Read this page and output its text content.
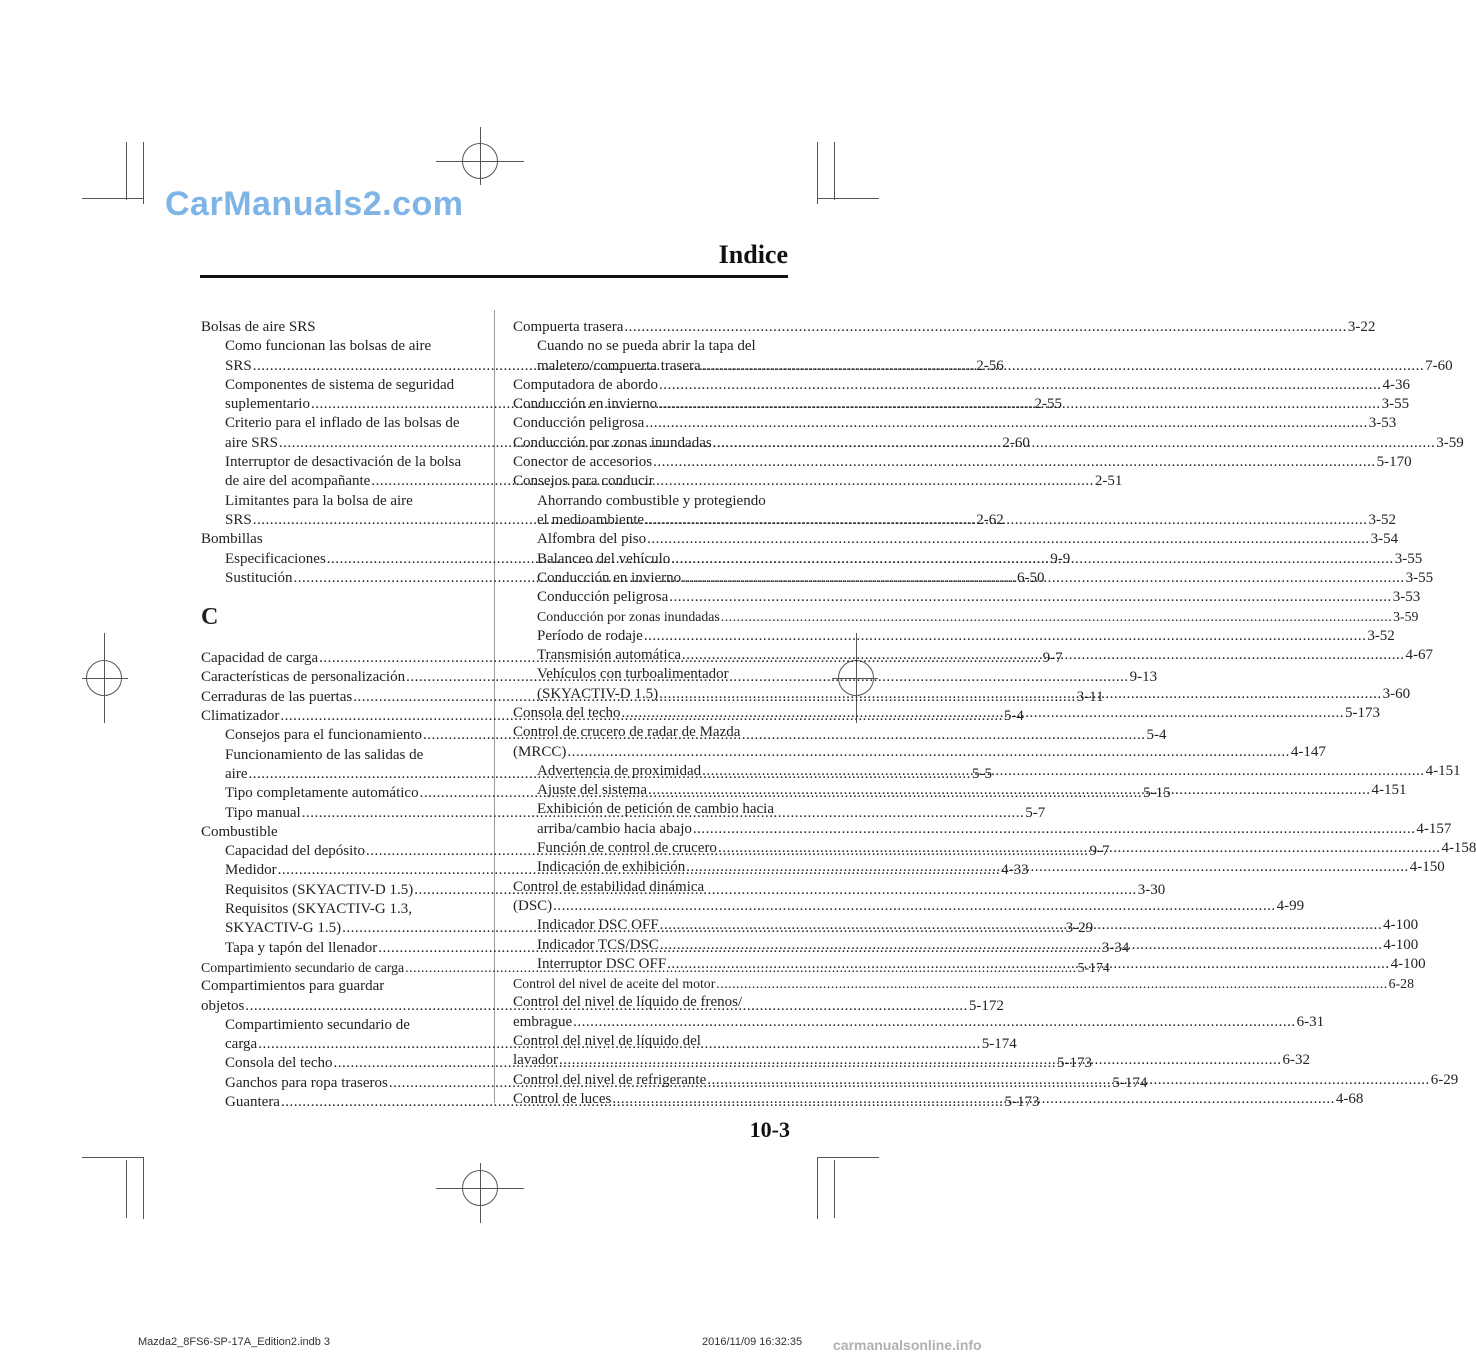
CarManuals2.com
carmanualsonline.info
Indice
Bolsas de aire SRS
Como funcionan las bolsas de aire
SRS .....	2-56
Componentes de sistema de seguridad
suplementario .....	2-55
Criterio para el inflado de las bolsas de
aire SRS .....	2-60
Interruptor de desactivación de la bolsa
de aire del acompañante .....	2-51
Limitantes para la bolsa de aire
SRS .....	2-62
Bombillas
Especificaciones .....	9-9
Sustitución .....	6-50
C
Capacidad de carga .....	9-7
Características de personalización .....	9-13
Cerraduras de las puertas .....	3-11
Climatizador .....	5-4
Consejos para el funcionamiento .....	5-4
Funcionamiento de las salidas de
aire .....	5-5
Tipo completamente automático .....	5-15
Tipo manual .....	5-7
Combustible
Capacidad del depósito .....	9-7
Medidor .....	4-33
Requisitos (SKYACTIV-D 1.5) .....	3-30
Requisitos (SKYACTIV-G 1.3,
SKYACTIV-G 1.5) .....	3-29
Tapa y tapón del llenador .....	3-34
Compartimiento secundario de carga .....	5-174
Compartimientos para guardar
objetos .....	5-172
Compartimiento secundario de
carga .....	5-174
Consola del techo .....	5-173
Ganchos para ropa traseros .....	5-174
Guantera .....	5-173
Compuerta trasera .....	3-22
Cuando no se pueda abrir la tapa del
maletero/compuerta trasera .....	7-60
Computadora de abordo .....	4-36
Conducción en invierno .....	3-55
Conducción peligrosa .....	3-53
Conducción por zonas inundadas .....	3-59
Conector de accesorios .....	5-170
Consejos para conducir
Ahorrando combustible y protegiendo
el medioambiente .....	3-52
Alfombra del piso .....	3-54
Balanceo del vehículo .....	3-55
Conducción en invierno .....	3-55
Conducción peligrosa .....	3-53
Conducción por zonas inundadas .....	3-59
Período de rodaje .....	3-52
Transmisión automática .....	4-67
Vehículos con turboalimentador
(SKYACTIV-D 1.5) .....	3-60
Consola del techo .....	5-173
Control de crucero de radar de Mazda
(MRCC) .....	4-147
Advertencia de proximidad .....	4-151
Ajuste del sistema .....	4-151
Exhibición de petición de cambio hacia
arriba/cambio hacia abajo .....	4-157
Función de control de crucero .....	4-158
Indicación de exhibición .....	4-150
Control de estabilidad dinámica
(DSC) .....	4-99
Indicador DSC OFF .....	4-100
Indicador TCS/DSC .....	4-100
Interruptor DSC OFF .....	4-100
Control del nivel de aceite del motor .....	6-28
Control del nivel de líquido de frenos/
embrague .....	6-31
Control del nivel de líquido del
lavador .....	6-32
Control del nivel de refrigerante .....	6-29
Control de luces .....	4-68
10-3
Mazda2_8FS6-SP-17A_Edition2.indb 3	2016/11/09 16:32:35
